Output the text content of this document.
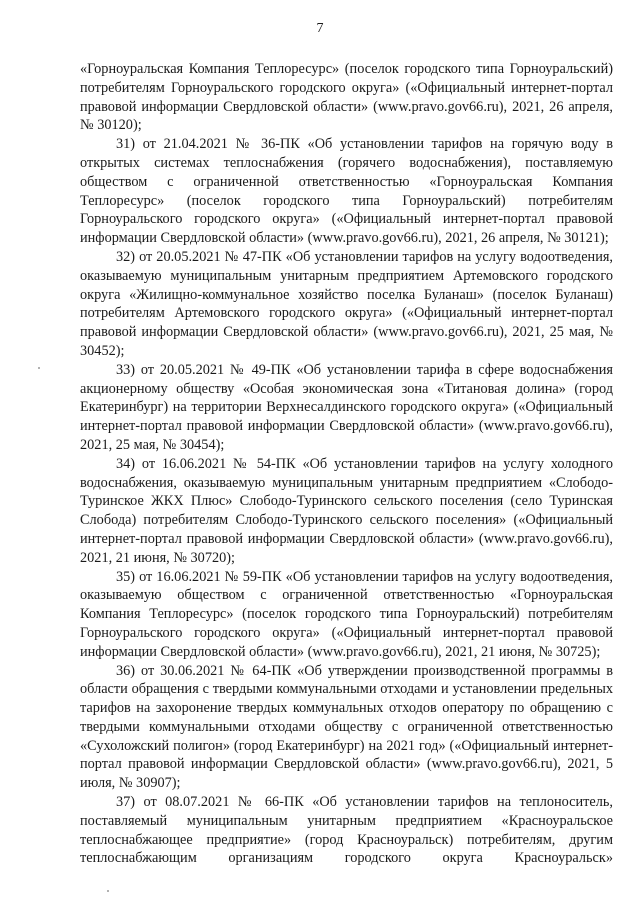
7

«Горноуральская Компания Теплоресурс» (поселок городского типа Горноуральский) потребителям Горноуральского городского округа» («Официальный интернет-портал правовой информации Свердловской области» (www.pravo.gov66.ru), 2021, 26 апреля, № 30120);

31) от 21.04.2021 № 36-ПК «Об установлении тарифов на горячую воду в открытых системах теплоснабжения (горячего водоснабжения), поставляемую обществом с ограниченной ответственностью «Горноуральская Компания Теплоресурс» (поселок городского типа Горноуральский) потребителям Горноуральского городского округа» («Официальный интернет-портал правовой информации Свердловской области» (www.pravo.gov66.ru), 2021, 26 апреля, № 30121);

32) от 20.05.2021 № 47-ПК «Об установлении тарифов на услугу водоотведения, оказываемую муниципальным унитарным предприятием Артемовского городского округа «Жилищно-коммунальное хозяйство поселка Буланаш» (поселок Буланаш) потребителям Артемовского городского округа» («Официальный интернет-портал правовой информации Свердловской области» (www.pravo.gov66.ru), 2021, 25 мая, № 30452);

33) от 20.05.2021 № 49-ПК «Об установлении тарифа в сфере водоснабжения акционерному обществу «Особая экономическая зона «Титановая долина» (город Екатеринбург) на территории Верхнесалдинского городского округа» («Официальный интернет-портал правовой информации Свердловской области» (www.pravo.gov66.ru), 2021, 25 мая, № 30454);

34) от 16.06.2021 № 54-ПК «Об установлении тарифов на услугу холодного водоснабжения, оказываемую муниципальным унитарным предприятием «Слободо-Туринское ЖКХ Плюс» Слободо-Туринского сельского поселения (село Туринская Слобода) потребителям Слободо-Туринского сельского поселения» («Официальный интернет-портал правовой информации Свердловской области» (www.pravo.gov66.ru), 2021, 21 июня, № 30720);

35) от 16.06.2021 № 59-ПК «Об установлении тарифов на услугу водоотведения, оказываемую обществом с ограниченной ответственностью «Горноуральская Компания Теплоресурс» (поселок городского типа Горноуральский) потребителям Горноуральского городского округа» («Официальный интернет-портал правовой информации Свердловской области» (www.pravo.gov66.ru), 2021, 21 июня, № 30725);

36) от 30.06.2021 № 64-ПК «Об утверждении производственной программы в области обращения с твердыми коммунальными отходами и установлении предельных тарифов на захоронение твердых коммунальных отходов оператору по обращению с твердыми коммунальными отходами обществу с ограниченной ответственностью «Сухоложский полигон» (город Екатеринбург) на 2021 год» («Официальный интернет-портал правовой информации Свердловской области» (www.pravo.gov66.ru), 2021, 5 июля, № 30907);

37) от 08.07.2021 № 66-ПК «Об установлении тарифов на теплоноситель, поставляемый муниципальным унитарным предприятием «Красноуральское теплоснабжающее предприятие» (город Красноуральск) потребителям, другим теплоснабжающим организациям городского округа Красноуральск»
